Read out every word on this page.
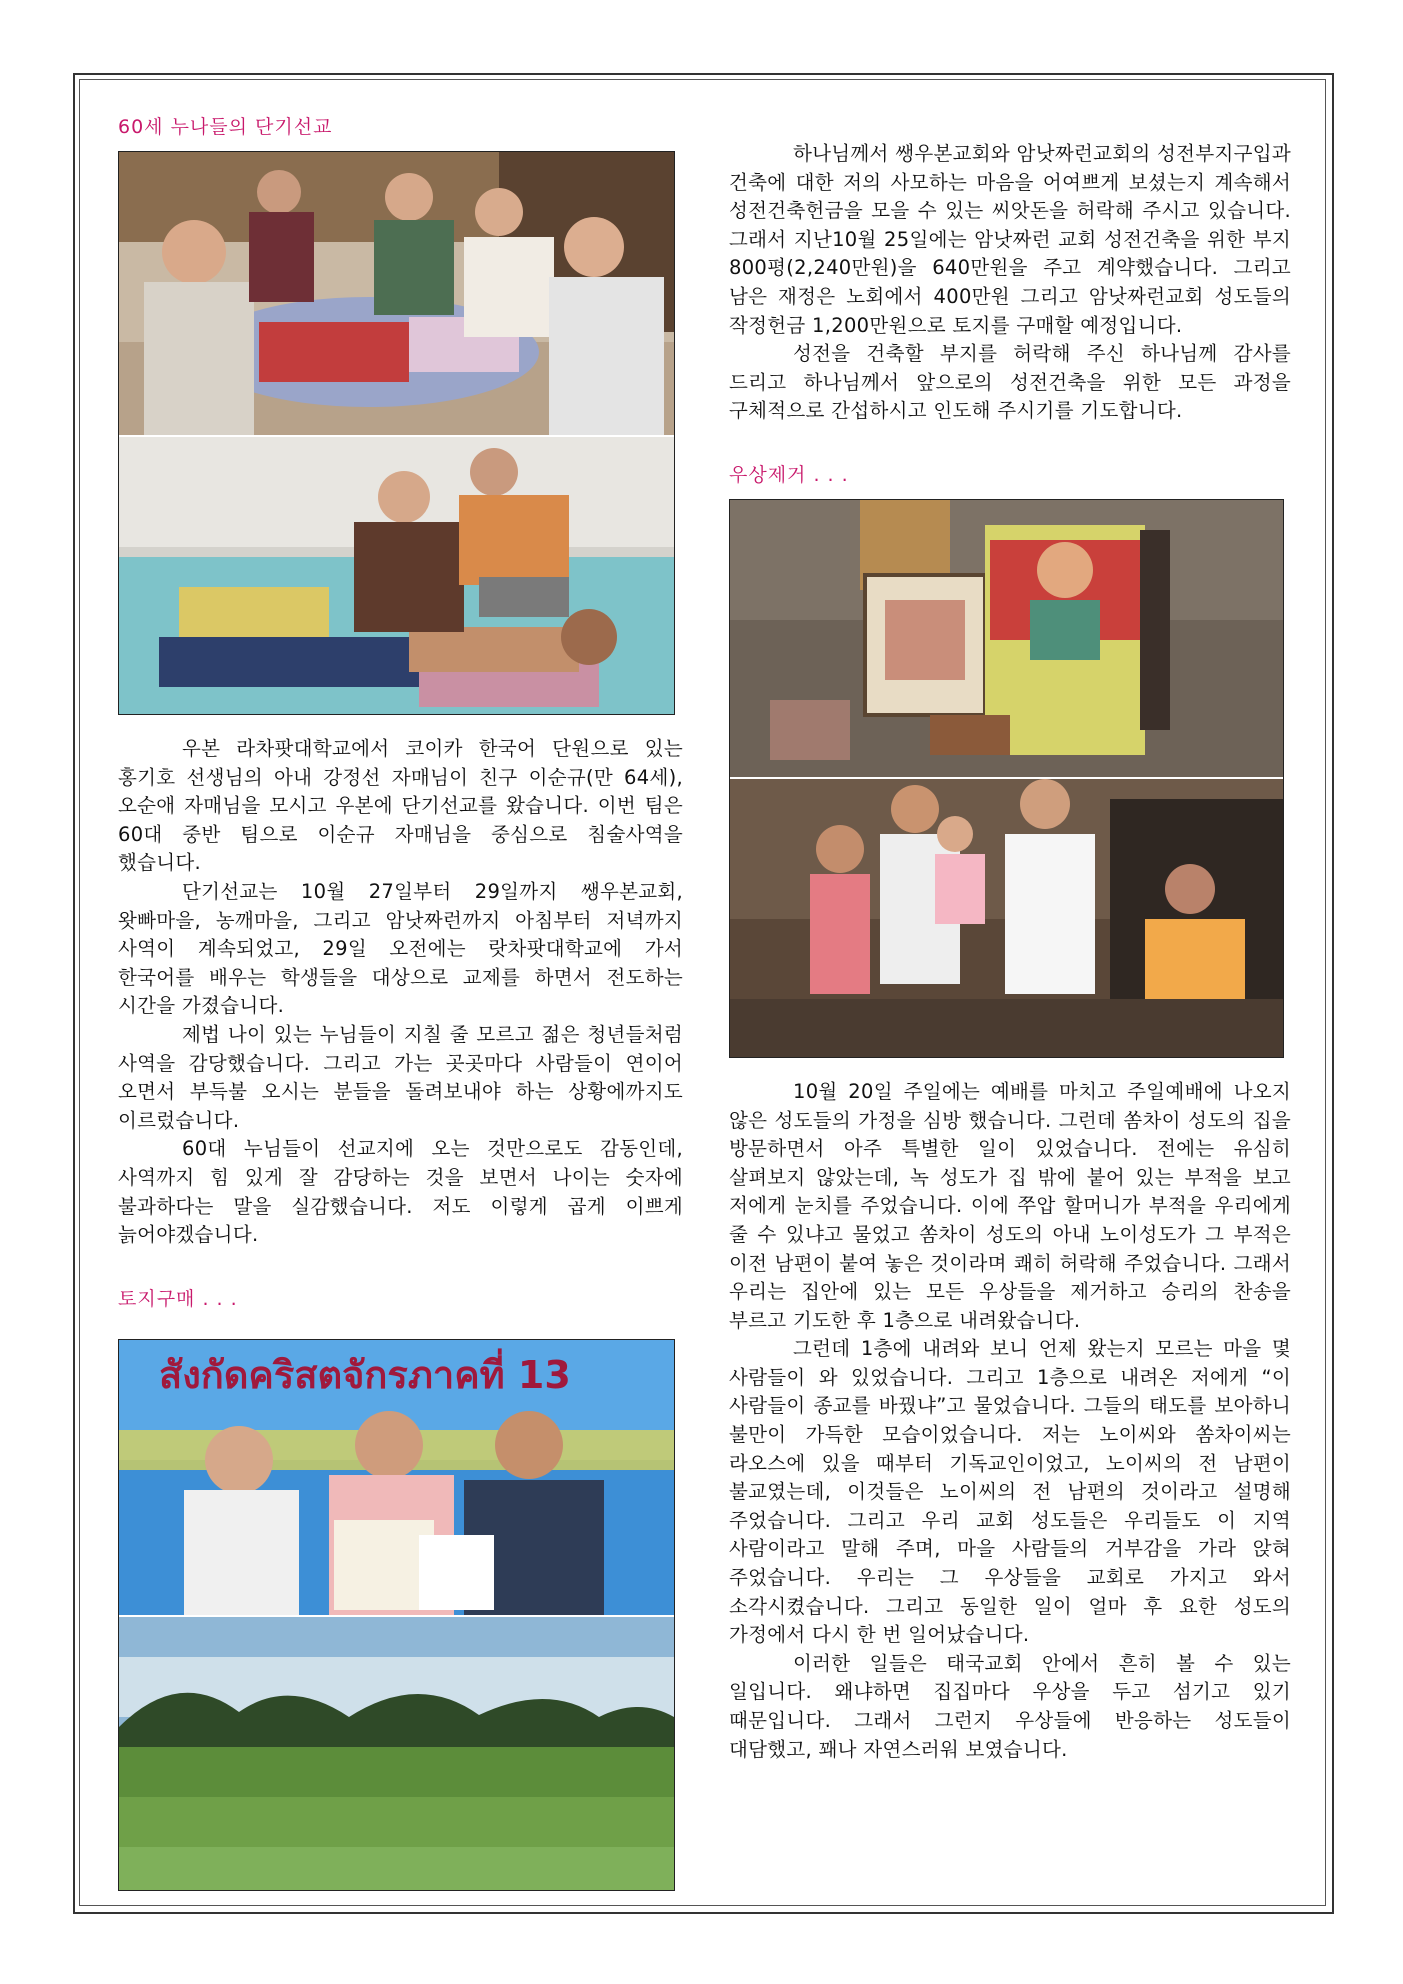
60세 누나들의 단기선교

우본 라차팟대학교에서 코이카 한국어 단원으로 있는 홍기호 선생님의 아내 강정선 자매님이 친구 이순규(만 64세), 오순애 자매님을 모시고 우본에 단기선교를 왔습니다. 이번 팀은 60대 중반 팀으로 이순규 자매님을 중심으로 침술사역을 했습니다.

단기선교는 10월 27일부터 29일까지 쌩우본교회, 왓빠마을, 농깨마을, 그리고 암낫짜런까지 아침부터 저녁까지 사역이 계속되었고, 29일 오전에는 랏차팟대학교에 가서 한국어를 배우는 학생들을 대상으로 교제를 하면서 전도하는 시간을 가졌습니다.

제법 나이 있는 누님들이 지칠 줄 모르고 젊은 청년들처럼 사역을 감당했습니다. 그리고 가는 곳곳마다 사람들이 연이어 오면서 부득불 오시는 분들을 돌려보내야 하는 상황에까지도 이르렀습니다.

60대 누님들이 선교지에 오는 것만으로도 감동인데, 사역까지 힘 있게 잘 감당하는 것을 보면서 나이는 숫자에 불과하다는 말을 실감했습니다. 저도 이렇게 곱게 이쁘게 늙어야겠습니다.

토지구매 . . .
สังกัดคริสตจักรภาคที่ 13

하나님께서 쌩우본교회와 암낫짜런교회의 성전부지구입과 건축에 대한 저의 사모하는 마음을 어여쁘게 보셨는지 계속해서 성전건축헌금을 모을 수 있는 씨앗돈을 허락해 주시고 있습니다. 그래서 지난10월 25일에는 암낫짜런 교회 성전건축을 위한 부지 800평(2,240만원)을 640만원을 주고 계약했습니다. 그리고 남은 재정은 노회에서 400만원 그리고 암낫짜런교회 성도들의 작정헌금 1,200만원으로 토지를 구매할 예정입니다.

성전을 건축할 부지를 허락해 주신 하나님께 감사를 드리고 하나님께서 앞으로의 성전건축을 위한 모든 과정을 구체적으로 간섭하시고 인도해 주시기를 기도합니다.

우상제거 . . .

10월 20일 주일에는 예배를 마치고 주일예배에 나오지 않은 성도들의 가정을 심방 했습니다. 그런데 쏨차이 성도의 집을 방문하면서 아주 특별한 일이 있었습니다. 전에는 유심히 살펴보지 않았는데, 녹 성도가 집 밖에 붙어 있는 부적을 보고 저에게 눈치를 주었습니다. 이에 쭈압 할머니가 부적을 우리에게 줄 수 있냐고 물었고 쏨차이 성도의 아내 노이성도가 그 부적은 이전 남편이 붙여 놓은 것이라며 쾌히 허락해 주었습니다. 그래서 우리는 집안에 있는 모든 우상들을 제거하고 승리의 찬송을 부르고 기도한 후 1층으로 내려왔습니다.

그런데 1층에 내려와 보니 언제 왔는지 모르는 마을 몇 사람들이 와 있었습니다. 그리고 1층으로 내려온 저에게 “이 사람들이 종교를 바꿨냐”고 물었습니다. 그들의 태도를 보아하니 불만이 가득한 모습이었습니다. 저는 노이씨와 쏨차이씨는 라오스에 있을 때부터 기독교인이었고, 노이씨의 전 남편이 불교였는데, 이것들은 노이씨의 전 남편의 것이라고 설명해 주었습니다. 그리고 우리 교회 성도들은 우리들도 이 지역 사람이라고 말해 주며, 마을 사람들의 거부감을 가라 앉혀 주었습니다. 우리는 그 우상들을 교회로 가지고 와서 소각시켰습니다. 그리고 동일한 일이 얼마 후 요한 성도의 가정에서 다시 한 번 일어났습니다.

이러한 일들은 태국교회 안에서 흔히 볼 수 있는 일입니다. 왜냐하면 집집마다 우상을 두고 섬기고 있기 때문입니다. 그래서 그런지 우상들에 반응하는 성도들이 대담했고, 꽤나 자연스러워 보였습니다.
